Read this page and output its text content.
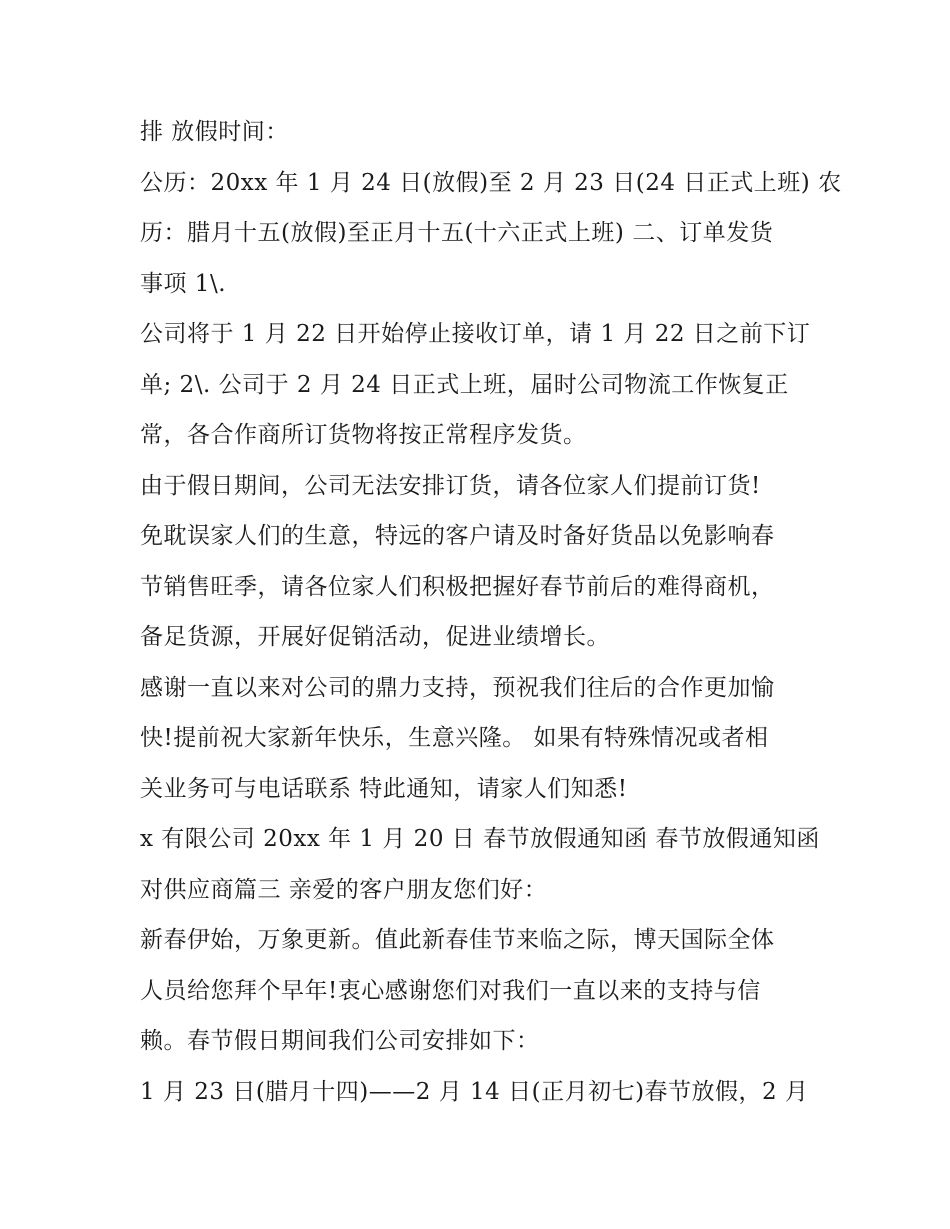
排 放假时间：
公历：20xx 年 1 月 24 日(放假)至 2 月 23 日(24 日正式上班) 农
历：腊月十五(放假)至正月十五(十六正式上班) 二、订单发货
事项 1\.
公司将于 1 月 22 日开始停止接收订单，请 1 月 22 日之前下订
单; 2\. 公司于 2 月 24 日正式上班，届时公司物流工作恢复正
常，各合作商所订货物将按正常程序发货。
由于假日期间，公司无法安排订货，请各位家人们提前订货!
免耽误家人们的生意，特远的客户请及时备好货品以免影响春
节销售旺季，请各位家人们积极把握好春节前后的难得商机，
备足货源，开展好促销活动，促进业绩增长。
感谢一直以来对公司的鼎力支持，预祝我们往后的合作更加愉
快!提前祝大家新年快乐，生意兴隆。 如果有特殊情况或者相
关业务可与电话联系 特此通知，请家人们知悉!
x 有限公司 20xx 年 1 月 20 日 春节放假通知函 春节放假通知函
对供应商篇三 亲爱的客户朋友您们好：
新春伊始，万象更新。值此新春佳节来临之际，博天国际全体
人员给您拜个早年!衷心感谢您们对我们一直以来的支持与信
赖。春节假日期间我们公司安排如下：
1 月 23 日(腊月十四)——2 月 14 日(正月初七)春节放假，2 月
